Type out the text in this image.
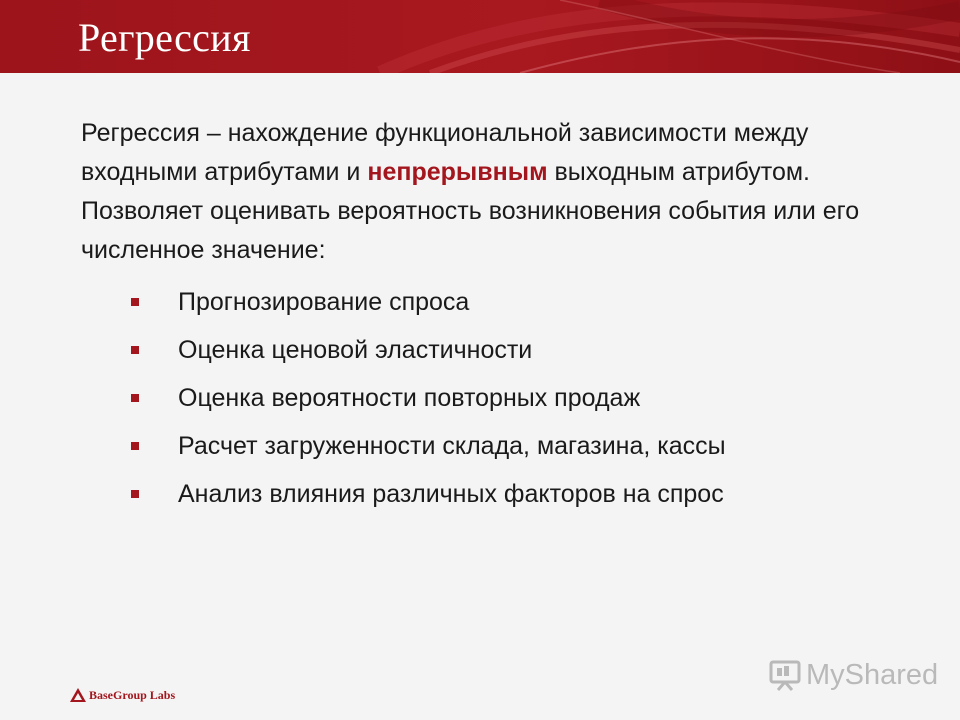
Регрессия

Регрессия – нахождение функциональной зависимости между входными атрибутами и непрерывным выходным атрибутом. Позволяет оценивать вероятность возникновения события или его численное значение:

Прогнозирование спроса
Оценка ценовой эластичности
Оценка вероятности повторных продаж
Расчет загруженности склада, магазина, кассы
Анализ влияния различных факторов на спрос
BaseGroup Labs
MyShared
